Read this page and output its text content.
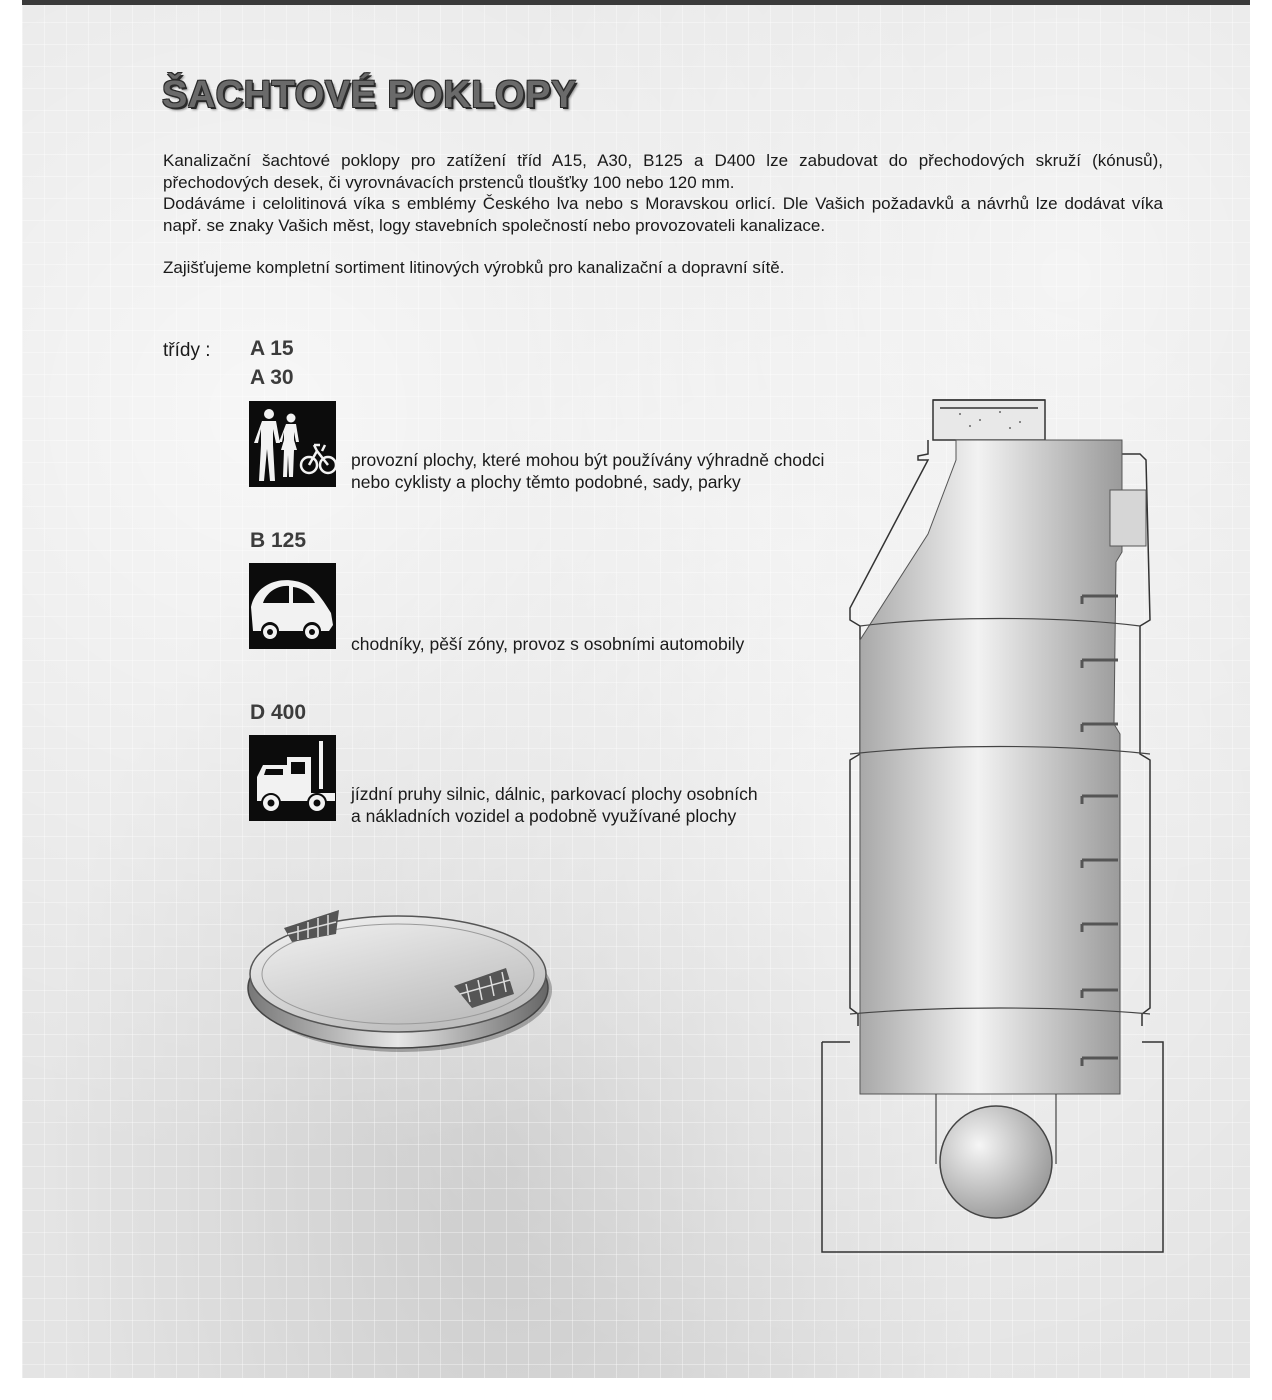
ŠACHTOVÉ POKLOPY

Kanalizační šachtové poklopy pro zatížení tříd A15, A30, B125 a D400 lze zabudovat do přechodových skruží (kónusů), přechodových desek, či vyrovnávacích prstenců tloušťky 100 nebo 120 mm.

Dodáváme i celolitinová víka s emblémy Českého lva nebo s Moravskou orlicí. Dle Vašich požadavků a návrhů lze dodávat víka např. se znaky Vašich měst, logy stavebních společností nebo provozovateli kanalizace.

Zajišťujeme kompletní sortiment litinových výrobků pro kanalizační a dopravní sítě.

třídy : A 15
A 30

provozní plochy, které mohou být používány výhradně chodci
nebo cyklisty a plochy těmto podobné, sady, parky

B 125

chodníky, pěší zóny, provoz s osobními automobily

D 400

jízdní pruhy silnic, dálnic, parkovací plochy osobních
a nákladních vozidel a podobně využívané plochy
